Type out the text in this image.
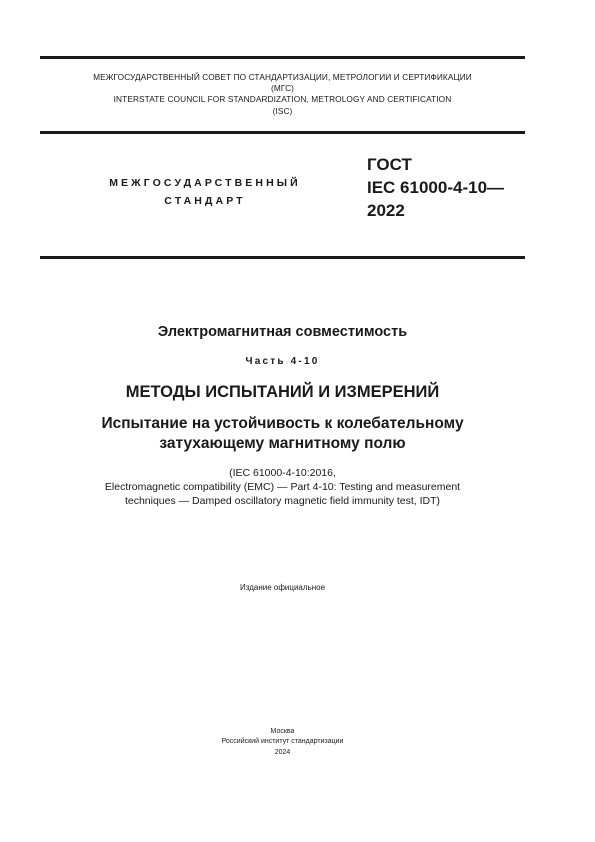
МЕЖГОСУДАРСТВЕННЫЙ СОВЕТ ПО СТАНДАРТИЗАЦИИ, МЕТРОЛОГИИ И СЕРТИФИКАЦИИ
(МГС)
INTERSTATE COUNCIL FOR STANDARDIZATION, METROLOGY AND CERTIFICATION
(ISC)
МЕЖГОСУДАРСТВЕННЫЙ
СТАНДАРТ
ГОСТ
IEC 61000-4-10—
2022
Электромагнитная совместимость
Часть 4-10
МЕТОДЫ ИСПЫТАНИЙ И ИЗМЕРЕНИЙ
Испытание на устойчивость к колебательному
затухающему магнитному полю
(IEC 61000-4-10:2016,
Electromagnetic compatibility (EMC) — Part 4-10: Testing and measurement
techniques — Damped oscillatory magnetic field immunity test, IDT)
Издание официальное
Москва
Российский институт стандартизации
2024
